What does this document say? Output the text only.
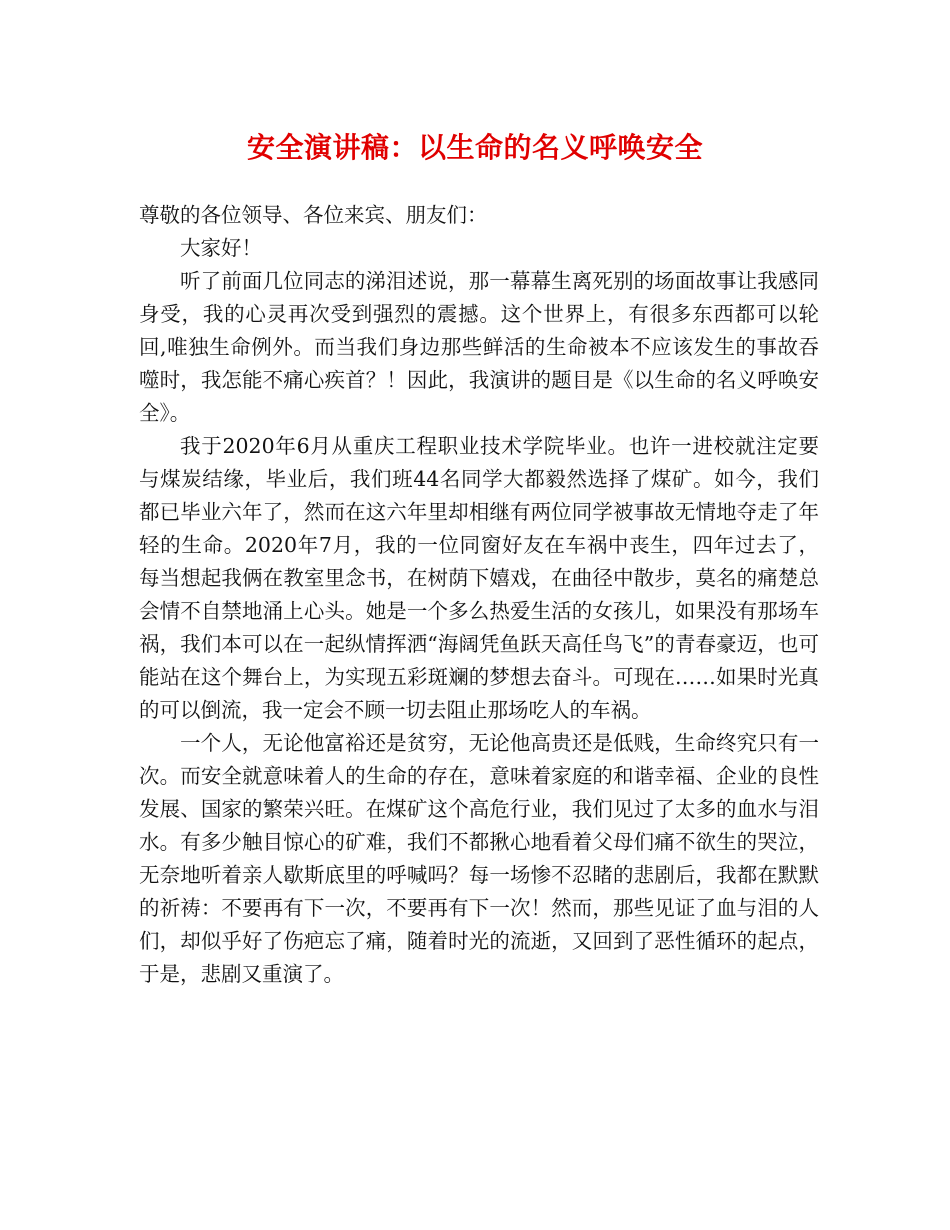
安全演讲稿：以生命的名义呼唤安全

尊敬的各位领导、各位来宾、朋友们：

大家好！

听了前面几位同志的涕泪述说，那一幕幕生离死别的场面故事让我感同身受，我的心灵再次受到强烈的震撼。这个世界上，有很多东西都可以轮回,唯独生命例外。而当我们身边那些鲜活的生命被本不应该发生的事故吞噬时，我怎能不痛心疾首？！因此，我演讲的题目是《以生命的名义呼唤安全》。

我于2020年6月从重庆工程职业技术学院毕业。也许一进校就注定要与煤炭结缘，毕业后，我们班44名同学大都毅然选择了煤矿。如今，我们都已毕业六年了，然而在这六年里却相继有两位同学被事故无情地夺走了年轻的生命。2020年7月，我的一位同窗好友在车祸中丧生，四年过去了，每当想起我俩在教室里念书，在树荫下嬉戏，在曲径中散步，莫名的痛楚总会情不自禁地涌上心头。她是一个多么热爱生活的女孩儿，如果没有那场车祸，我们本可以在一起纵情挥洒“海阔凭鱼跃天高任鸟飞”的青春豪迈，也可能站在这个舞台上，为实现五彩斑斓的梦想去奋斗。可现在……如果时光真的可以倒流，我一定会不顾一切去阻止那场吃人的车祸。

一个人，无论他富裕还是贫穷，无论他高贵还是低贱，生命终究只有一次。而安全就意味着人的生命的存在，意味着家庭的和谐幸福、企业的良性发展、国家的繁荣兴旺。在煤矿这个高危行业，我们见过了太多的血水与泪水。有多少触目惊心的矿难，我们不都揪心地看着父母们痛不欲生的哭泣，无奈地听着亲人歇斯底里的呼喊吗？每一场惨不忍睹的悲剧后，我都在默默的祈祷：不要再有下一次，不要再有下一次！然而，那些见证了血与泪的人们，却似乎好了伤疤忘了痛，随着时光的流逝，又回到了恶性循环的起点，于是，悲剧又重演了。
